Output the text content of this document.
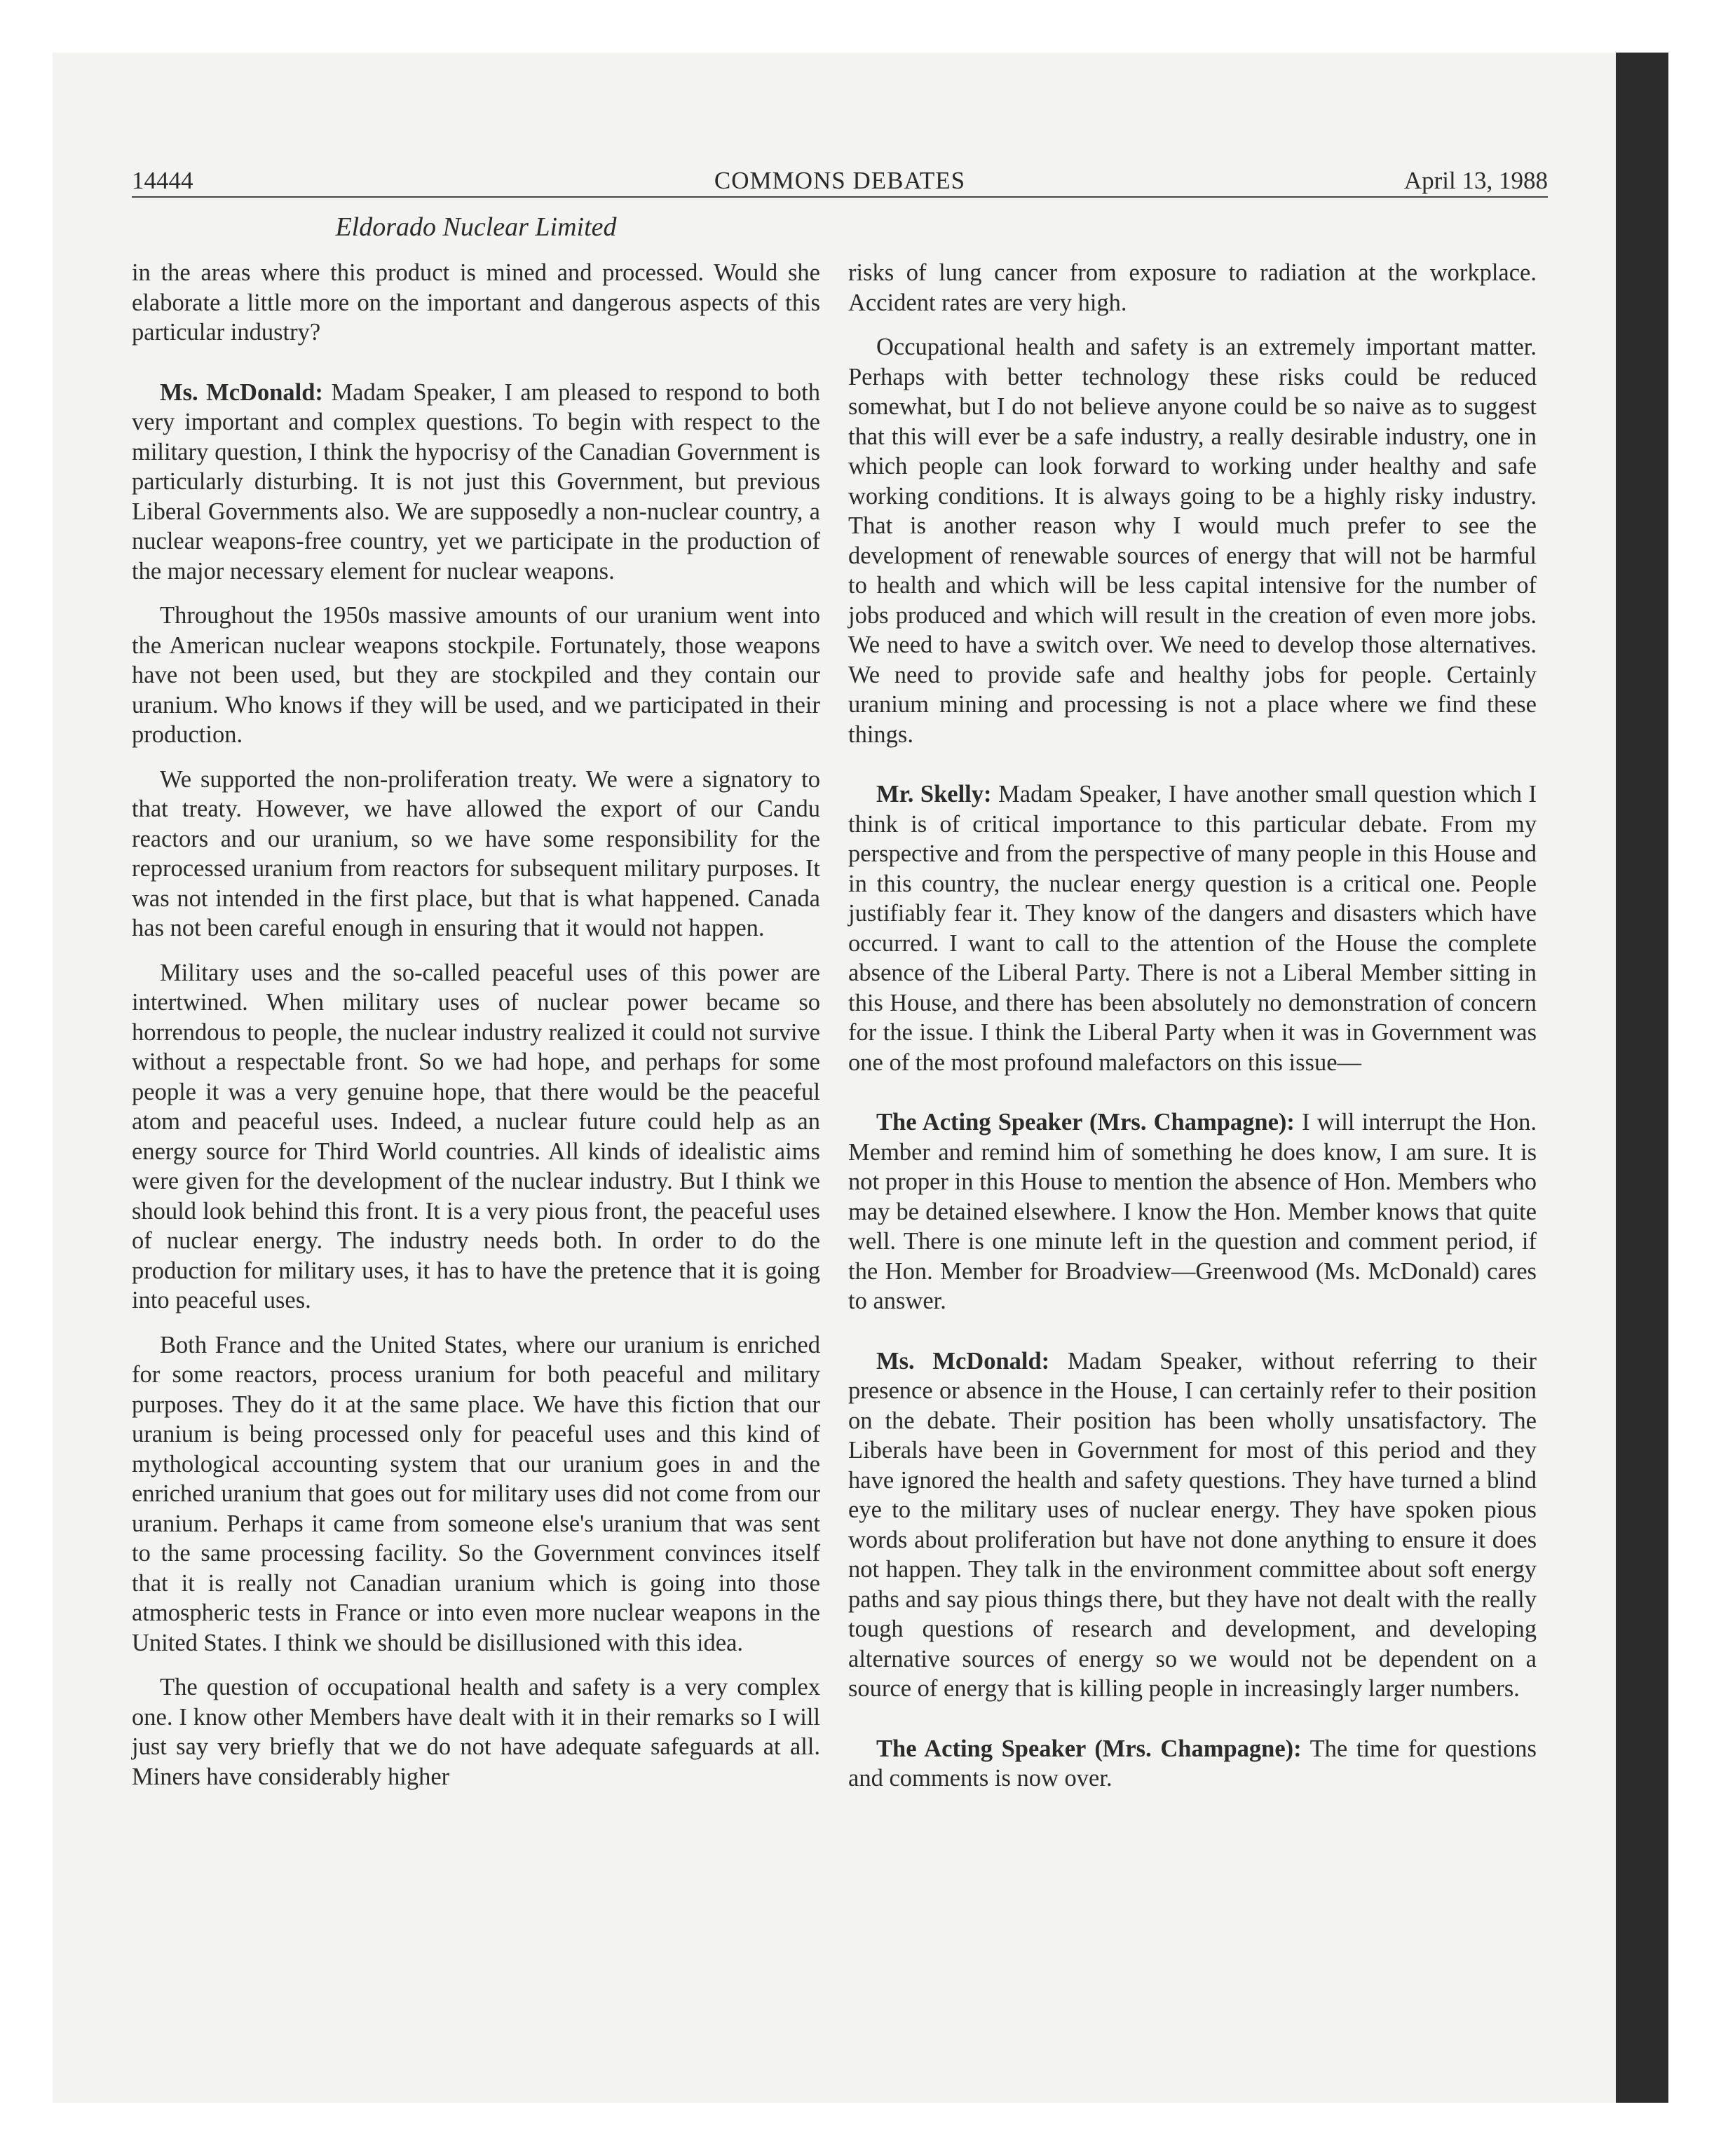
14444	COMMONS DEBATES	April 13, 1988
Eldorado Nuclear Limited

in the areas where this product is mined and processed. Would she elaborate a little more on the important and dangerous aspects of this particular industry?

Ms. McDonald: Madam Speaker, I am pleased to respond to both very important and complex questions. To begin with respect to the military question, I think the hypocrisy of the Canadian Government is particularly disturbing. It is not just this Government, but previous Liberal Governments also. We are supposedly a non-nuclear country, a nuclear weapons-free country, yet we participate in the production of the major necessary element for nuclear weapons.

Throughout the 1950s massive amounts of our uranium went into the American nuclear weapons stockpile. Fortunately, those weapons have not been used, but they are stockpiled and they contain our uranium. Who knows if they will be used, and we participated in their production.

We supported the non-proliferation treaty. We were a signatory to that treaty. However, we have allowed the export of our Candu reactors and our uranium, so we have some responsibility for the reprocessed uranium from reactors for subsequent military purposes. It was not intended in the first place, but that is what happened. Canada has not been careful enough in ensuring that it would not happen.

Military uses and the so-called peaceful uses of this power are intertwined. When military uses of nuclear power became so horrendous to people, the nuclear industry realized it could not survive without a respectable front. So we had hope, and perhaps for some people it was a very genuine hope, that there would be the peaceful atom and peaceful uses. Indeed, a nuclear future could help as an energy source for Third World countries. All kinds of idealistic aims were given for the development of the nuclear industry. But I think we should look behind this front. It is a very pious front, the peaceful uses of nuclear energy. The industry needs both. In order to do the production for military uses, it has to have the pretence that it is going into peaceful uses.

Both France and the United States, where our uranium is enriched for some reactors, process uranium for both peaceful and military purposes. They do it at the same place. We have this fiction that our uranium is being processed only for peaceful uses and this kind of mythological accounting system that our uranium goes in and the enriched uranium that goes out for military uses did not come from our uranium. Perhaps it came from someone else's uranium that was sent to the same processing facility. So the Government convinces itself that it is really not Canadian uranium which is going into those atmospheric tests in France or into even more nuclear weapons in the United States. I think we should be disillusioned with this idea.

The question of occupational health and safety is a very complex one. I know other Members have dealt with it in their remarks so I will just say very briefly that we do not have adequate safeguards at all. Miners have considerably higher

risks of lung cancer from exposure to radiation at the workplace. Accident rates are very high.

Occupational health and safety is an extremely important matter. Perhaps with better technology these risks could be reduced somewhat, but I do not believe anyone could be so naive as to suggest that this will ever be a safe industry, a really desirable industry, one in which people can look forward to working under healthy and safe working conditions. It is always going to be a highly risky industry. That is another reason why I would much prefer to see the development of renewable sources of energy that will not be harmful to health and which will be less capital intensive for the number of jobs produced and which will result in the creation of even more jobs. We need to have a switch over. We need to develop those alternatives. We need to provide safe and healthy jobs for people. Certainly uranium mining and processing is not a place where we find these things.

Mr. Skelly: Madam Speaker, I have another small question which I think is of critical importance to this particular debate. From my perspective and from the perspective of many people in this House and in this country, the nuclear energy question is a critical one. People justifiably fear it. They know of the dangers and disasters which have occurred. I want to call to the attention of the House the complete absence of the Liberal Party. There is not a Liberal Member sitting in this House, and there has been absolutely no demonstration of concern for the issue. I think the Liberal Party when it was in Government was one of the most profound malefactors on this issue—

The Acting Speaker (Mrs. Champagne): I will interrupt the Hon. Member and remind him of something he does know, I am sure. It is not proper in this House to mention the absence of Hon. Members who may be detained elsewhere. I know the Hon. Member knows that quite well. There is one minute left in the question and comment period, if the Hon. Member for Broadview—Greenwood (Ms. McDonald) cares to answer.

Ms. McDonald: Madam Speaker, without referring to their presence or absence in the House, I can certainly refer to their position on the debate. Their position has been wholly unsatisfactory. The Liberals have been in Government for most of this period and they have ignored the health and safety questions. They have turned a blind eye to the military uses of nuclear energy. They have spoken pious words about proliferation but have not done anything to ensure it does not happen. They talk in the environment committee about soft energy paths and say pious things there, but they have not dealt with the really tough questions of research and development, and developing alternative sources of energy so we would not be dependent on a source of energy that is killing people in increasingly larger numbers.

The Acting Speaker (Mrs. Champagne): The time for questions and comments is now over.
